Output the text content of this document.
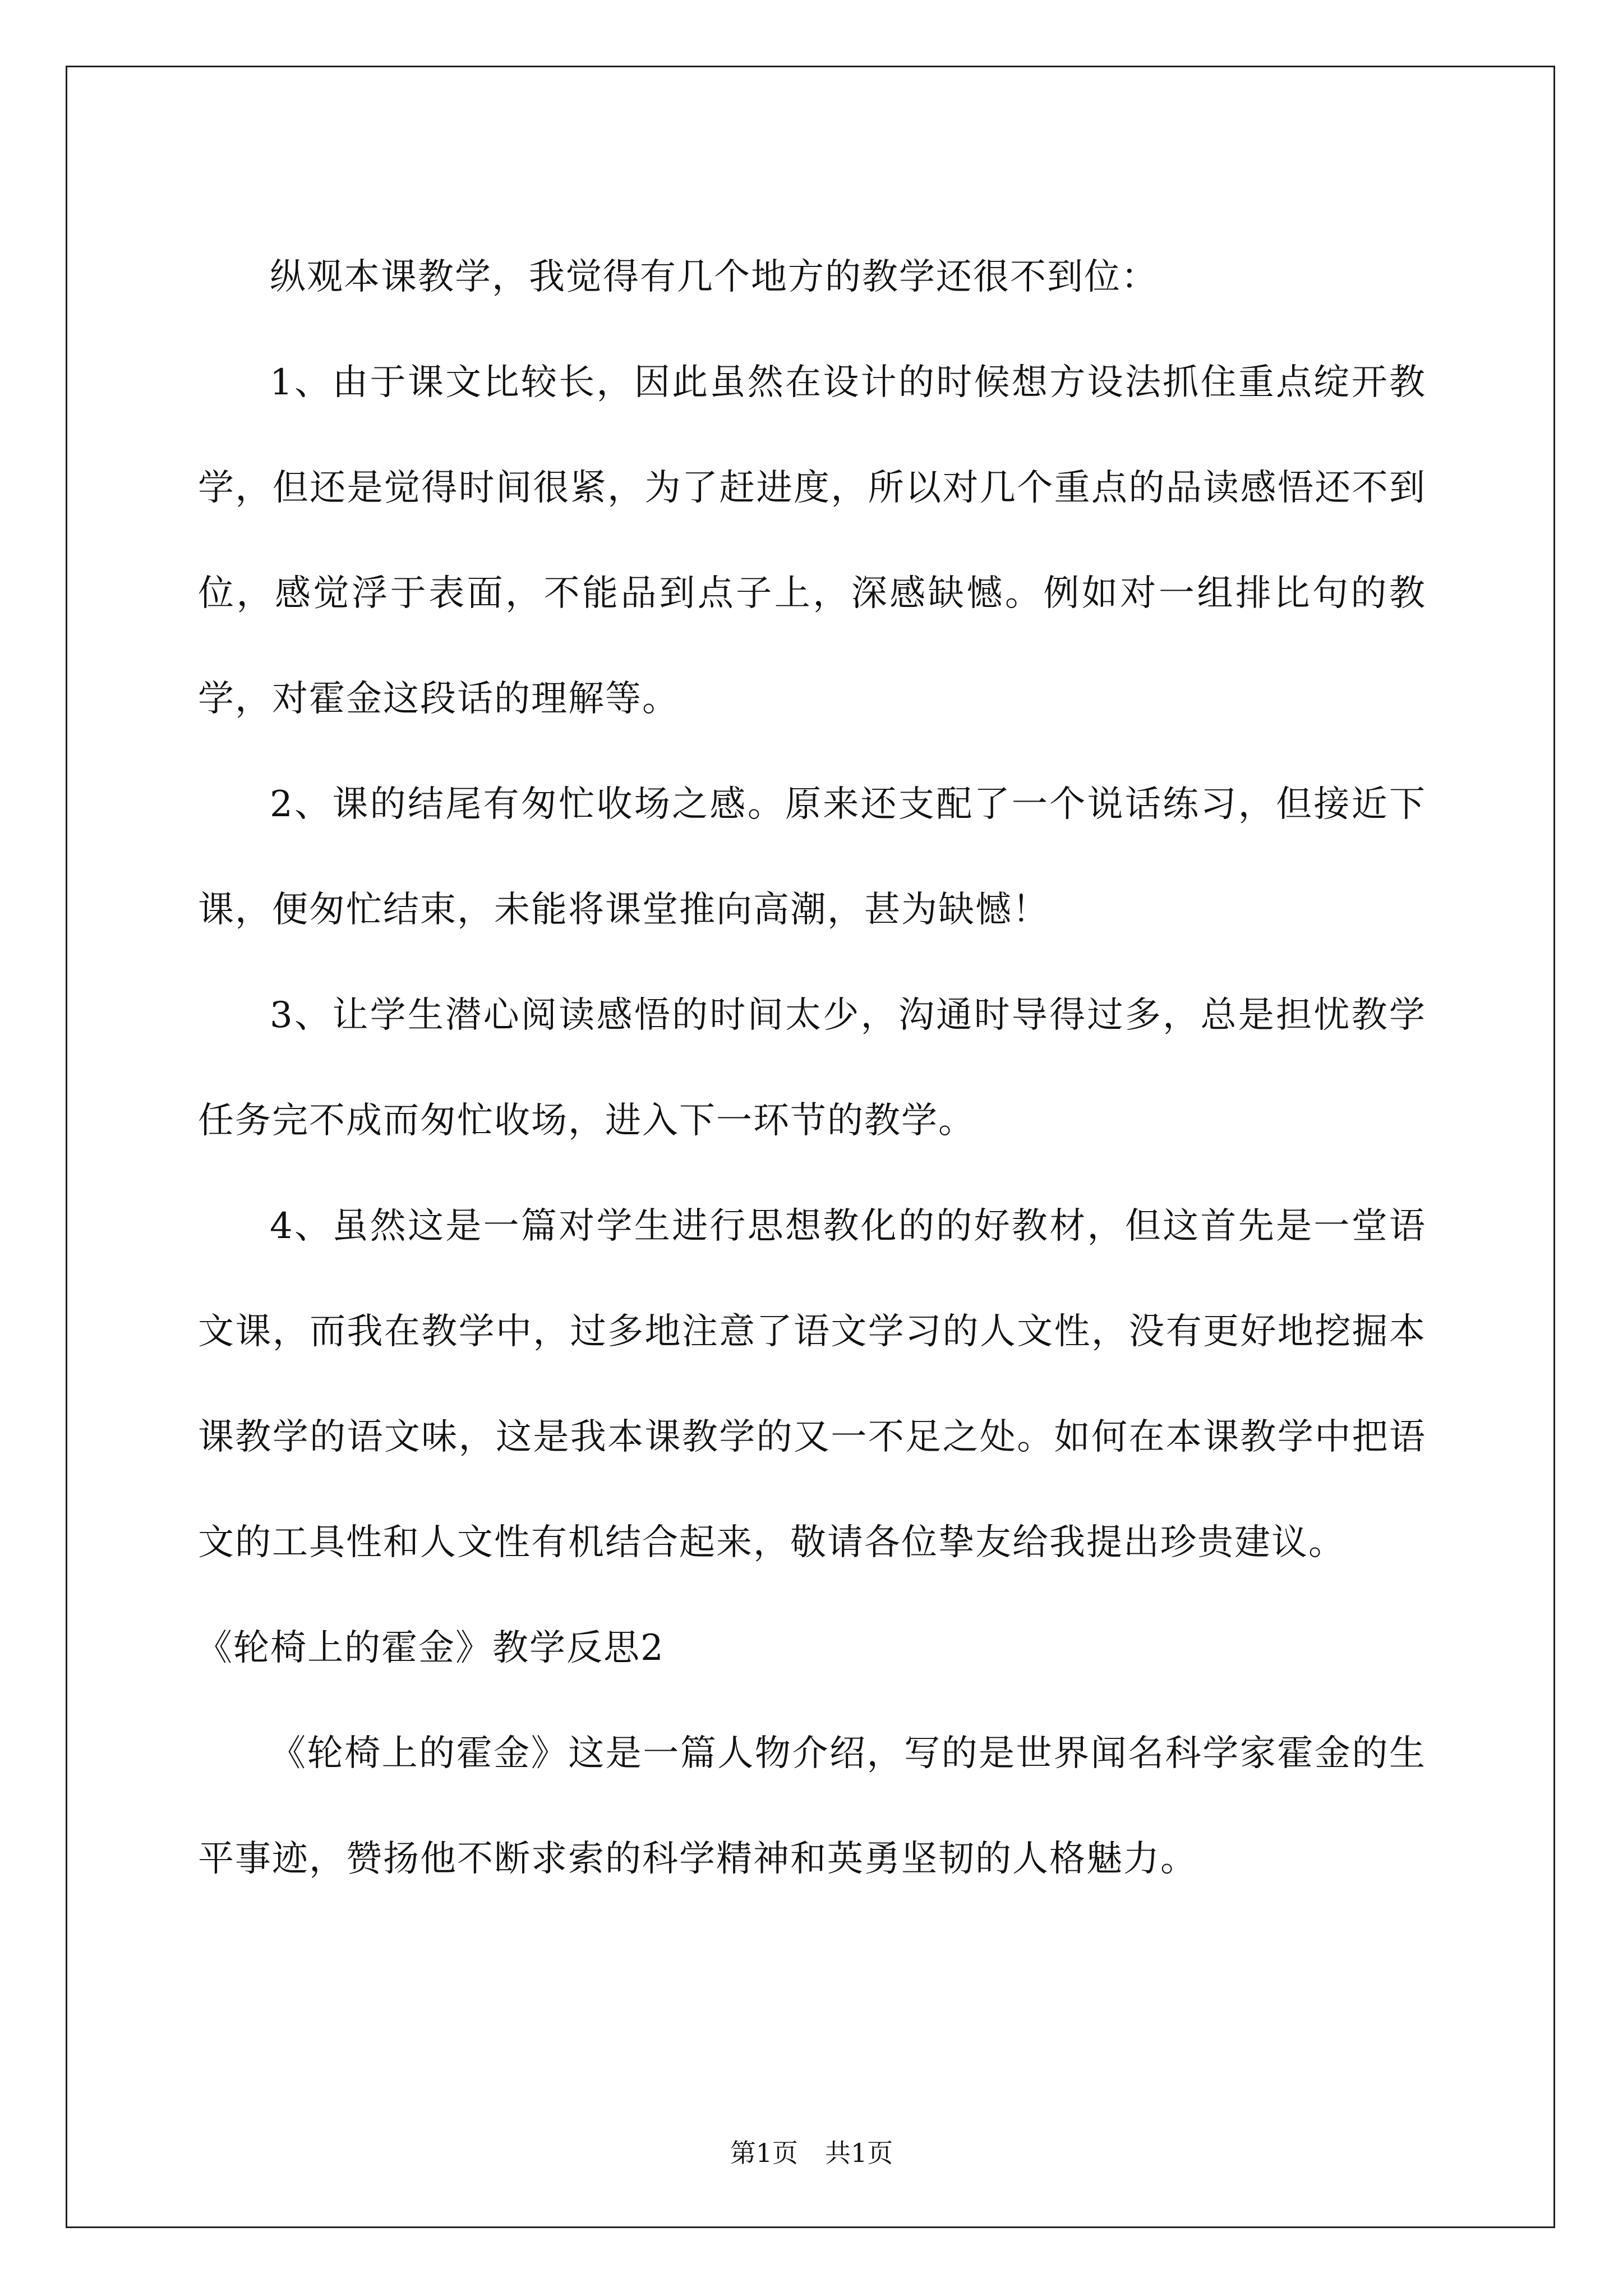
纵观本课教学，我觉得有几个地方的教学还很不到位：

1、由于课文比较长，因此虽然在设计的时候想方设法抓住重点绽开教学，但还是觉得时间很紧，为了赶进度，所以对几个重点的品读感悟还不到位，感觉浮于表面，不能品到点子上，深感缺憾。例如对一组排比句的教学，对霍金这段话的理解等。

2、课的结尾有匆忙收场之感。原来还支配了一个说话练习，但接近下课，便匆忙结束，未能将课堂推向高潮，甚为缺憾！

3、让学生潜心阅读感悟的时间太少，沟通时导得过多，总是担忧教学任务完不成而匆忙收场，进入下一环节的教学。

4、虽然这是一篇对学生进行思想教化的的好教材，但这首先是一堂语文课，而我在教学中，过多地注意了语文学习的人文性，没有更好地挖掘本课教学的语文味，这是我本课教学的又一不足之处。如何在本课教学中把语文的工具性和人文性有机结合起来，敬请各位挚友给我提出珍贵建议。

《轮椅上的霍金》教学反思2

《轮椅上的霍金》这是一篇人物介绍，写的是世界闻名科学家霍金的生平事迹，赞扬他不断求索的科学精神和英勇坚韧的人格魅力。

第1页 共1页
